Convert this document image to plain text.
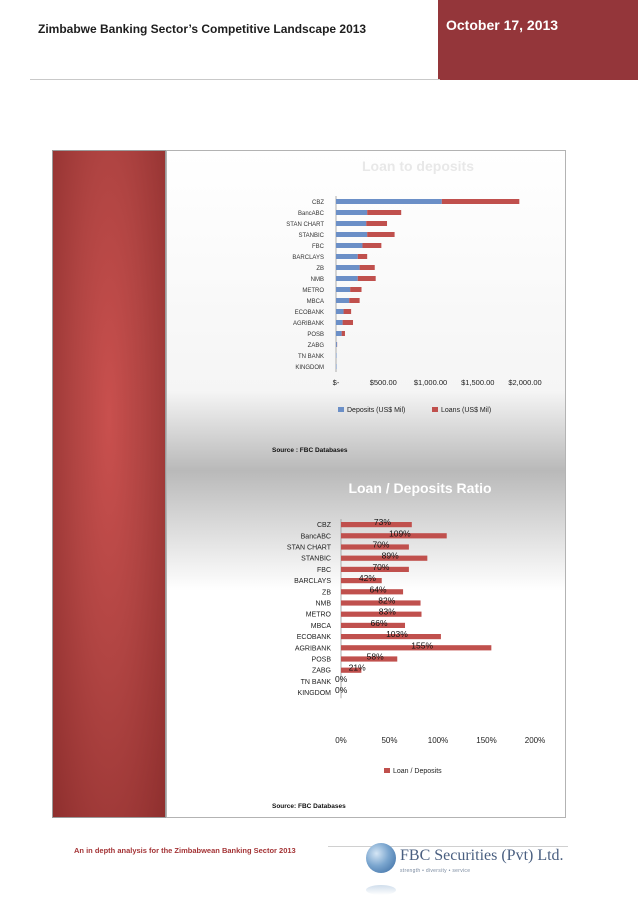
Zimbabwe Banking Sector’s Competitive Landscape 2013	October 17, 2013
Loan to deposits
CBZ
BancABC
STAN CHART
STANBIC
FBC
BARCLAYS
ZB
NMB
METRO
MBCA
ECOBANK
AGRIBANK
POSB
ZABG
TN BANK
KINGDOM
$-	$500.00 $1,000.00 $1,500.00 $2,000.00
Deposits (US$ Mil)	Loans (US$ Mil)
Source : FBC Databases
Loan / Deposits Ratio
CBZ	73%
BancABC	109%
STAN CHART	70%
STANBIC	89%
FBC	70%
BARCLAYS	42%
ZB	64%
NMB	82%
METRO	83%
MBCA	66%
ECOBANK	103%
AGRIBANK	155%
POSB	58%
ZABG 21%
TN BANK 0%
KINGDOM 0%
0%	50%	100%	150%	200%
Loan / Deposits
Source: FBC Databases
An in depth analysis for the Zimbabwean Banking Sector 2013	FBC Securities (Pvt) Ltd.
strength • diversity • service
